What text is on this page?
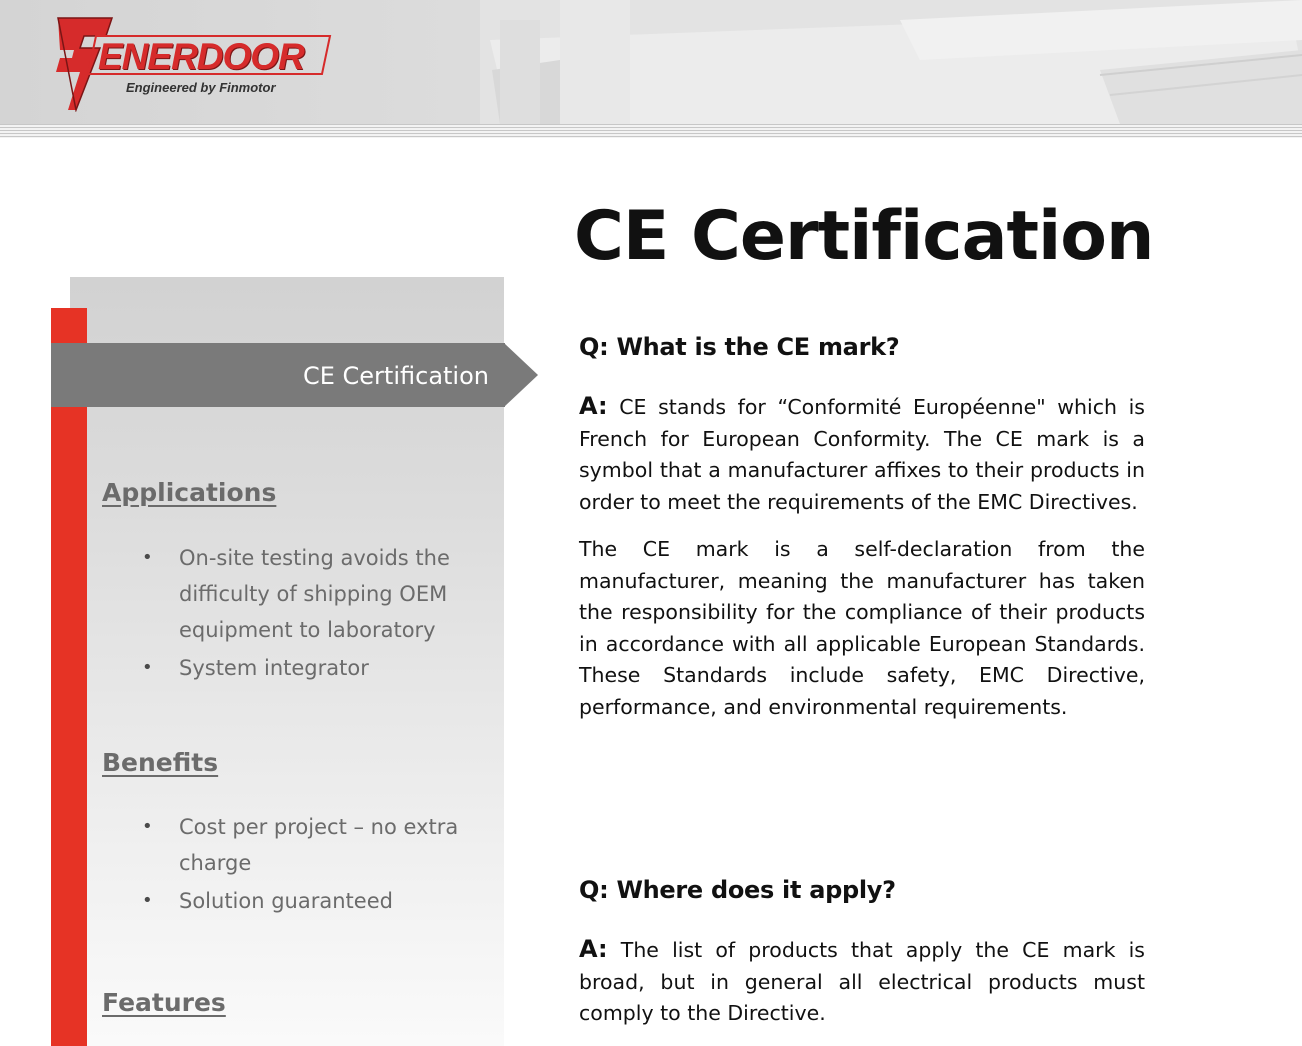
ENERDOOR
Engineered by Finmotor
CE Certification
CE Certification
Applications
• On-site testing avoids the difficulty of shipping OEM equipment to laboratory
• System integrator
Benefits
• Cost per project – no extra charge
• Solution guaranteed
Features

Q: What is the CE mark?

A: CE stands for “Conformité Européenne" which is French for European Conformity. The CE mark is a symbol that a manufacturer affixes to their products in order to meet the requirements of the EMC Directives.

The CE mark is a self-declaration from the manufacturer, meaning the manufacturer has taken the responsibility for the compliance of their products in accordance with all applicable European Standards. These Standards include safety, EMC Directive, performance, and environmental requirements.

Q: Where does it apply?

A: The list of products that apply the CE mark is broad, but in general all electrical products must comply to the Directive.
